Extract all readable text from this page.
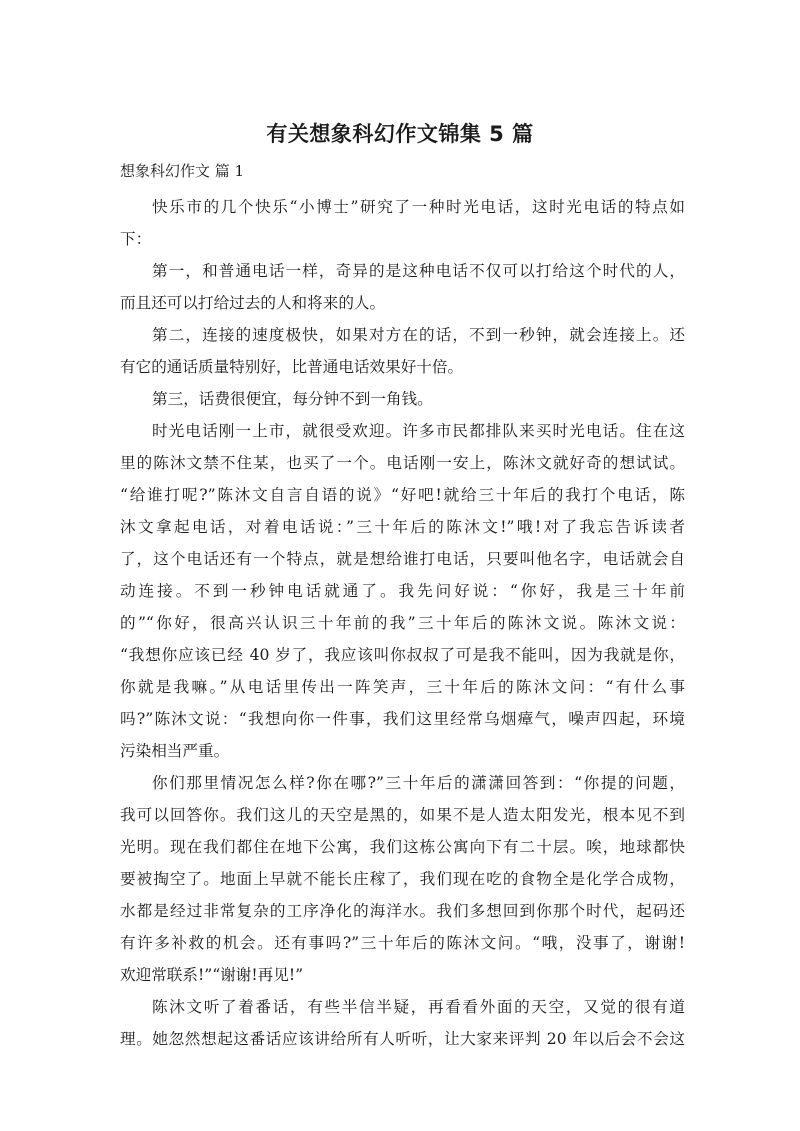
有关想象科幻作文锦集 5 篇
想象科幻作文 篇 1
快乐市的几个快乐“小博士”研究了一种时光电话，这时光电话的特点如
下：
第一，和普通电话一样，奇异的是这种电话不仅可以打给这个时代的人，
而且还可以打给过去的人和将来的人。
第二，连接的速度极快，如果对方在的话，不到一秒钟，就会连接上。还
有它的通话质量特别好，比普通电话效果好十倍。
第三，话费很便宜，每分钟不到一角钱。
时光电话刚一上市，就很受欢迎。许多市民都排队来买时光电话。住在这
里的陈沐文禁不住某，也买了一个。电话刚一安上，陈沐文就好奇的想试试。
“给谁打呢?”陈沐文自言自语的说》“好吧!就给三十年后的我打个电话，陈
沐文拿起电话，对着电话说：”三十年后的陈沐文!”哦!对了我忘告诉读者
了，这个电话还有一个特点，就是想给谁打电话，只要叫他名字，电话就会自
动连接。不到一秒钟电话就通了。我先问好说：“你好，我是三十年前
的”“你好，很高兴认识三十年前的我”三十年后的陈沐文说。陈沐文说：
“我想你应该已经 40 岁了，我应该叫你叔叔了可是我不能叫，因为我就是你，
你就是我嘛。”从电话里传出一阵笑声，三十年后的陈沐文问：“有什么事
吗?”陈沐文说：“我想向你一件事，我们这里经常乌烟瘴气，噪声四起，环境
污染相当严重。
你们那里情况怎么样?你在哪?”三十年后的潇潇回答到：“你提的问题，
我可以回答你。我们这儿的天空是黑的，如果不是人造太阳发光，根本见不到
光明。现在我们都住在地下公寓，我们这栋公寓向下有二十层。唉，地球都快
要被掏空了。地面上早就不能长庄稼了，我们现在吃的食物全是化学合成物，
水都是经过非常复杂的工序净化的海洋水。我们多想回到你那个时代，起码还
有许多补救的机会。还有事吗?”三十年后的陈沐文问。“哦，没事了，谢谢!
欢迎常联系!”“谢谢!再见!”
陈沐文听了着番话，有些半信半疑，再看看外面的天空，又觉的很有道
理。她忽然想起这番话应该讲给所有人听听，让大家来评判 20 年以后会不会这
